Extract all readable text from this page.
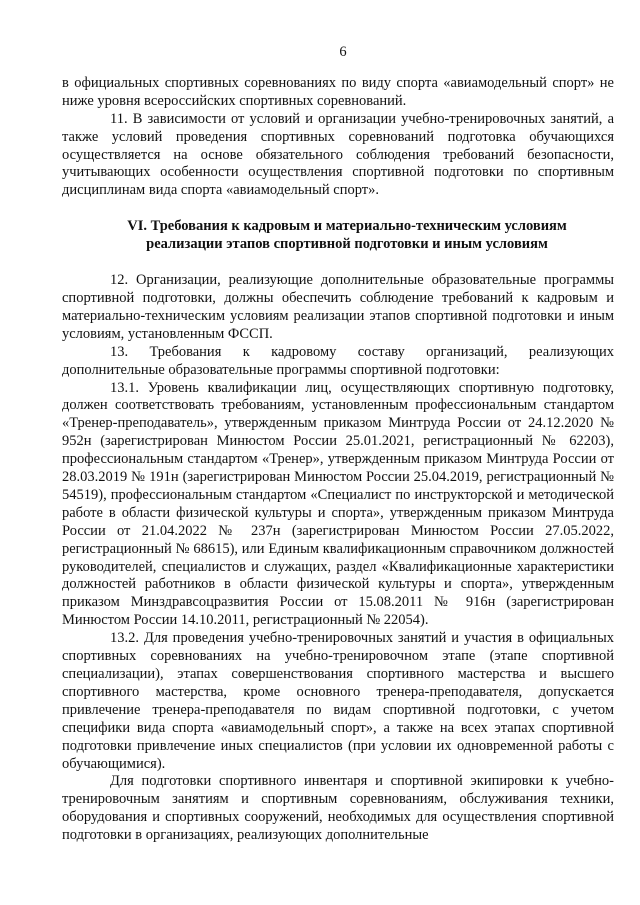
6

в официальных спортивных соревнованиях по виду спорта «авиамодельный спорт» не ниже уровня всероссийских спортивных соревнований.

11. В зависимости от условий и организации учебно-тренировочных занятий, а также условий проведения спортивных соревнований подготовка обучающихся осуществляется на основе обязательного соблюдения требований безопасности, учитывающих особенности осуществления спортивной подготовки по спортивным дисциплинам вида спорта «авиамодельный спорт».

VI. Требования к кадровым и материально-техническим условиям
реализации этапов спортивной подготовки и иным условиям

12. Организации, реализующие дополнительные образовательные программы спортивной подготовки, должны обеспечить соблюдение требований к кадровым и материально-техническим условиям реализации этапов спортивной подготовки и иным условиям, установленным ФССП.

13. Требования к кадровому составу организаций, реализующих дополнительные образовательные программы спортивной подготовки:

13.1. Уровень квалификации лиц, осуществляющих спортивную подготовку, должен соответствовать требованиям, установленным профессиональным стандартом «Тренер-преподаватель», утвержденным приказом Минтруда России от 24.12.2020 № 952н (зарегистрирован Минюстом России 25.01.2021, регистрационный № 62203), профессиональным стандартом «Тренер», утвержденным приказом Минтруда России от 28.03.2019 № 191н (зарегистрирован Минюстом России 25.04.2019, регистрационный № 54519), профессиональным стандартом «Специалист по инструкторской и методической работе в области физической культуры и спорта», утвержденным приказом Минтруда России от 21.04.2022 № 237н (зарегистрирован Минюстом России 27.05.2022, регистрационный № 68615), или Единым квалификационным справочником должностей руководителей, специалистов и служащих, раздел «Квалификационные характеристики должностей работников в области физической культуры и спорта», утвержденным приказом Минздравсоцразвития России от 15.08.2011 № 916н (зарегистрирован Минюстом России 14.10.2011, регистрационный № 22054).

13.2. Для проведения учебно-тренировочных занятий и участия в официальных спортивных соревнованиях на учебно-тренировочном этапе (этапе спортивной специализации), этапах совершенствования спортивного мастерства и высшего спортивного мастерства, кроме основного тренера-преподавателя, допускается привлечение тренера-преподавателя по видам спортивной подготовки, с учетом специфики вида спорта «авиамодельный спорт», а также на всех этапах спортивной подготовки привлечение иных специалистов (при условии их одновременной работы с обучающимися).

Для подготовки спортивного инвентаря и спортивной экипировки к учебно-тренировочным занятиям и спортивным соревнованиям, обслуживания техники, оборудования и спортивных сооружений, необходимых для осуществления спортивной подготовки в организациях, реализующих дополнительные
